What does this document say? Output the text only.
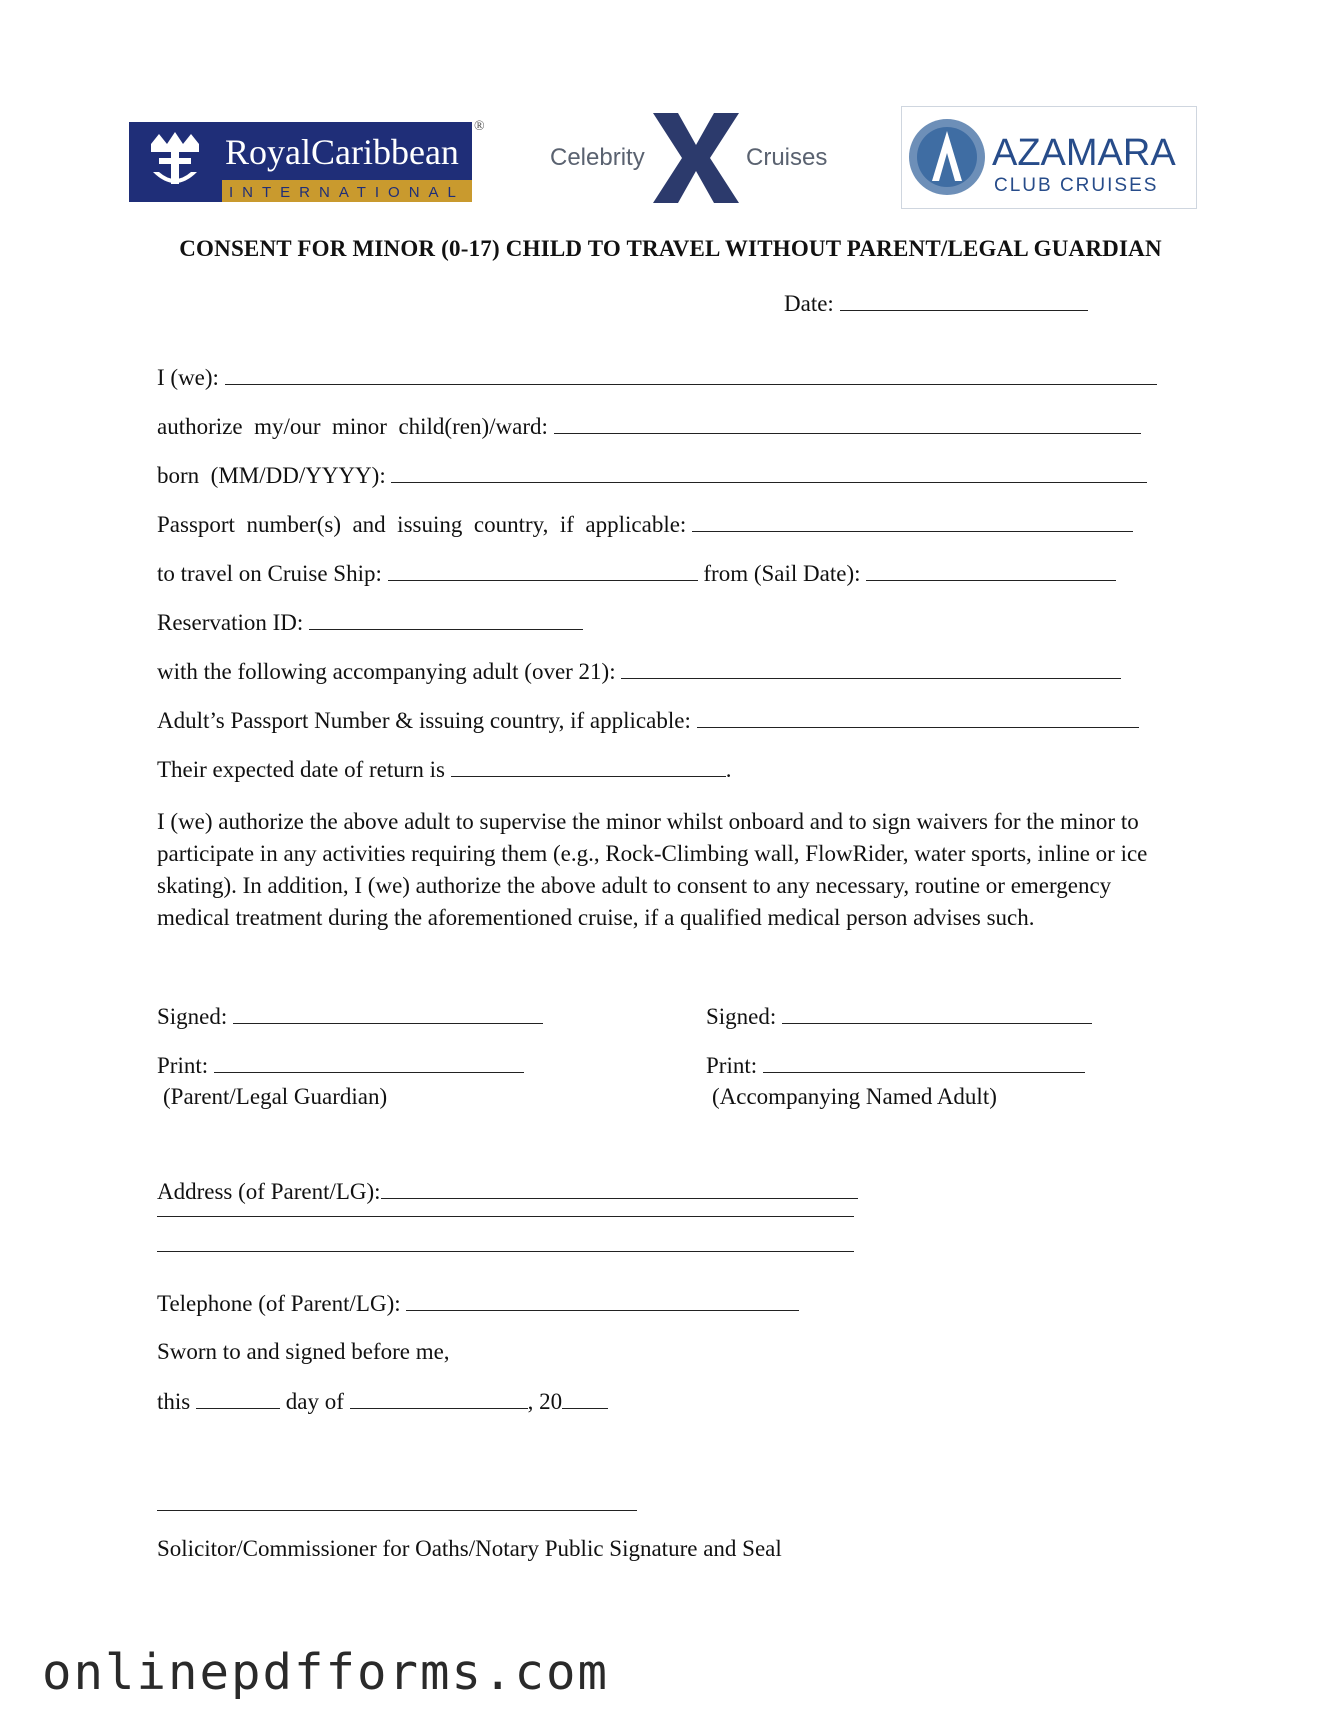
RoyalCaribbean
INTERNATIONAL
®
Celebrity	Cruises	AZAMARA
CLUB CRUISES
CONSENT FOR MINOR (0-17) CHILD TO TRAVEL WITHOUT PARENT/LEGAL GUARDIAN
Date:
I (we):
authorize  my/our  minor  child(ren)/ward:
born  (MM/DD/YYYY):
Passport  number(s)  and  issuing  country,  if  applicable:
to travel on Cruise Ship:	from (Sail Date):
Reservation ID:
with the following accompanying adult (over 21):
Adult’s Passport Number & issuing country, if applicable:
Their expected date of return is	.
I (we) authorize the above adult to supervise the minor whilst onboard and to sign waivers for the minor to participate in any activities requiring them (e.g., Rock-Climbing wall, FlowRider, water sports, inline or ice skating). In addition, I (we) authorize the above adult to consent to any necessary, routine or emergency medical treatment during the aforementioned cruise, if a qualified medical person advises such.
Signed:
Print:
(Parent/Legal Guardian)
Signed:
Print:
(Accompanying Named Adult)
Address (of Parent/LG):
Telephone (of Parent/LG):
Sworn to and signed before me,
this	day of	, 20
Solicitor/Commissioner for Oaths/Notary Public Signature and Seal
onlinepdfforms.com
